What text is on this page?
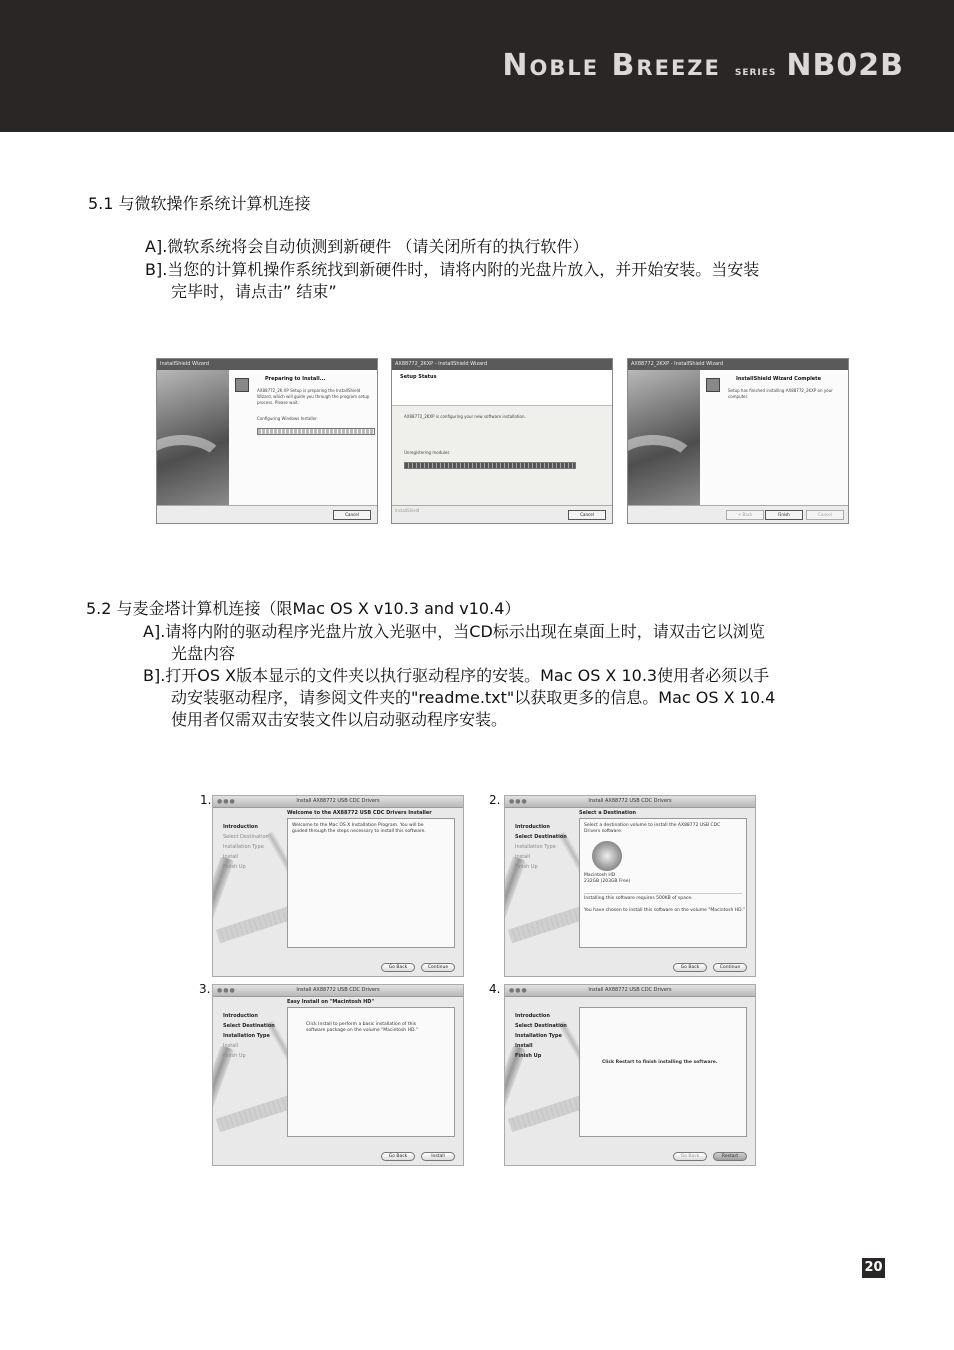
Noble Breeze series NB02B
5.1 与微软操作系统计算机连接
A].微软系统将会自动侦测到新硬件 （请关闭所有的执行软件）
B].当您的计算机操作系统找到新硬件时，请将内附的光盘片放入，并开始安装。当安装
完毕时，请点击” 结束”
InstallShield Wizard
Preparing to Install...
AX88772_2K XP Setup is preparing the InstallShield
Wizard, which will guide you through the program setup
process. Please wait.
Configuring Windows Installer
Cancel
AX88772_2KXP - InstallShield Wizard
Setup Status
AX88772_2KXP is configuring your new software installation.
Unregistering modules
InstallShield
Cancel
AX88772_2KXP - InstallShield Wizard
InstallShield Wizard Complete
Setup has finished installing AX88772_2KXP on your
computer.
< Back	Finish	Cancel
5.2 与麦金塔计算机连接（限Mac OS X v10.3 and v10.4）
A].请将内附的驱动程序光盘片放入光驱中，当CD标示出现在桌面上时，请双击它以浏览
光盘内容
B].打开OS X版本显示的文件夹以执行驱动程序的安装。Mac OS X 10.3使用者必须以手
动安装驱动程序，请参阅文件夹的"readme.txt"以获取更多的信息。Mac OS X 10.4
使用者仅需双击安装文件以启动驱动程序安装。
1. ●●●	Install AX88772 USB CDC Drivers
Introduction
Select Destination
Installation Type
Install
Finish Up
Welcome to the AX88772 USB CDC Drivers Installer
Welcome to the Mac OS X Installation Program. You will be
guided through the steps necessary to install this software.
Go Back	Continue
2. ●●●	Install AX88772 USB CDC Drivers
Introduction
Select Destination
Installation Type
Install
Finish Up
Select a Destination
Select a destination volume to install the AX88772 USB CDC
Drivers software.
Macintosh HD
232GB (203GB Free)
Installing this software requires 500KB of space.
You have chosen to install this software on the volume "Macintosh HD."
Go Back	Continue
3. ●●●	Install AX88772 USB CDC Drivers
Introduction
Select Destination
Installation Type
Install
Finish Up
Easy Install on "Macintosh HD"
Click Install to perform a basic installation of this
software package on the volume "Macintosh HD."
Go Back	Install
4. ●●●	Install AX88772 USB CDC Drivers
Introduction
Select Destination
Installation Type
Install
Finish Up
Click Restart to finish installing the software.
Go Back	Restart
20
